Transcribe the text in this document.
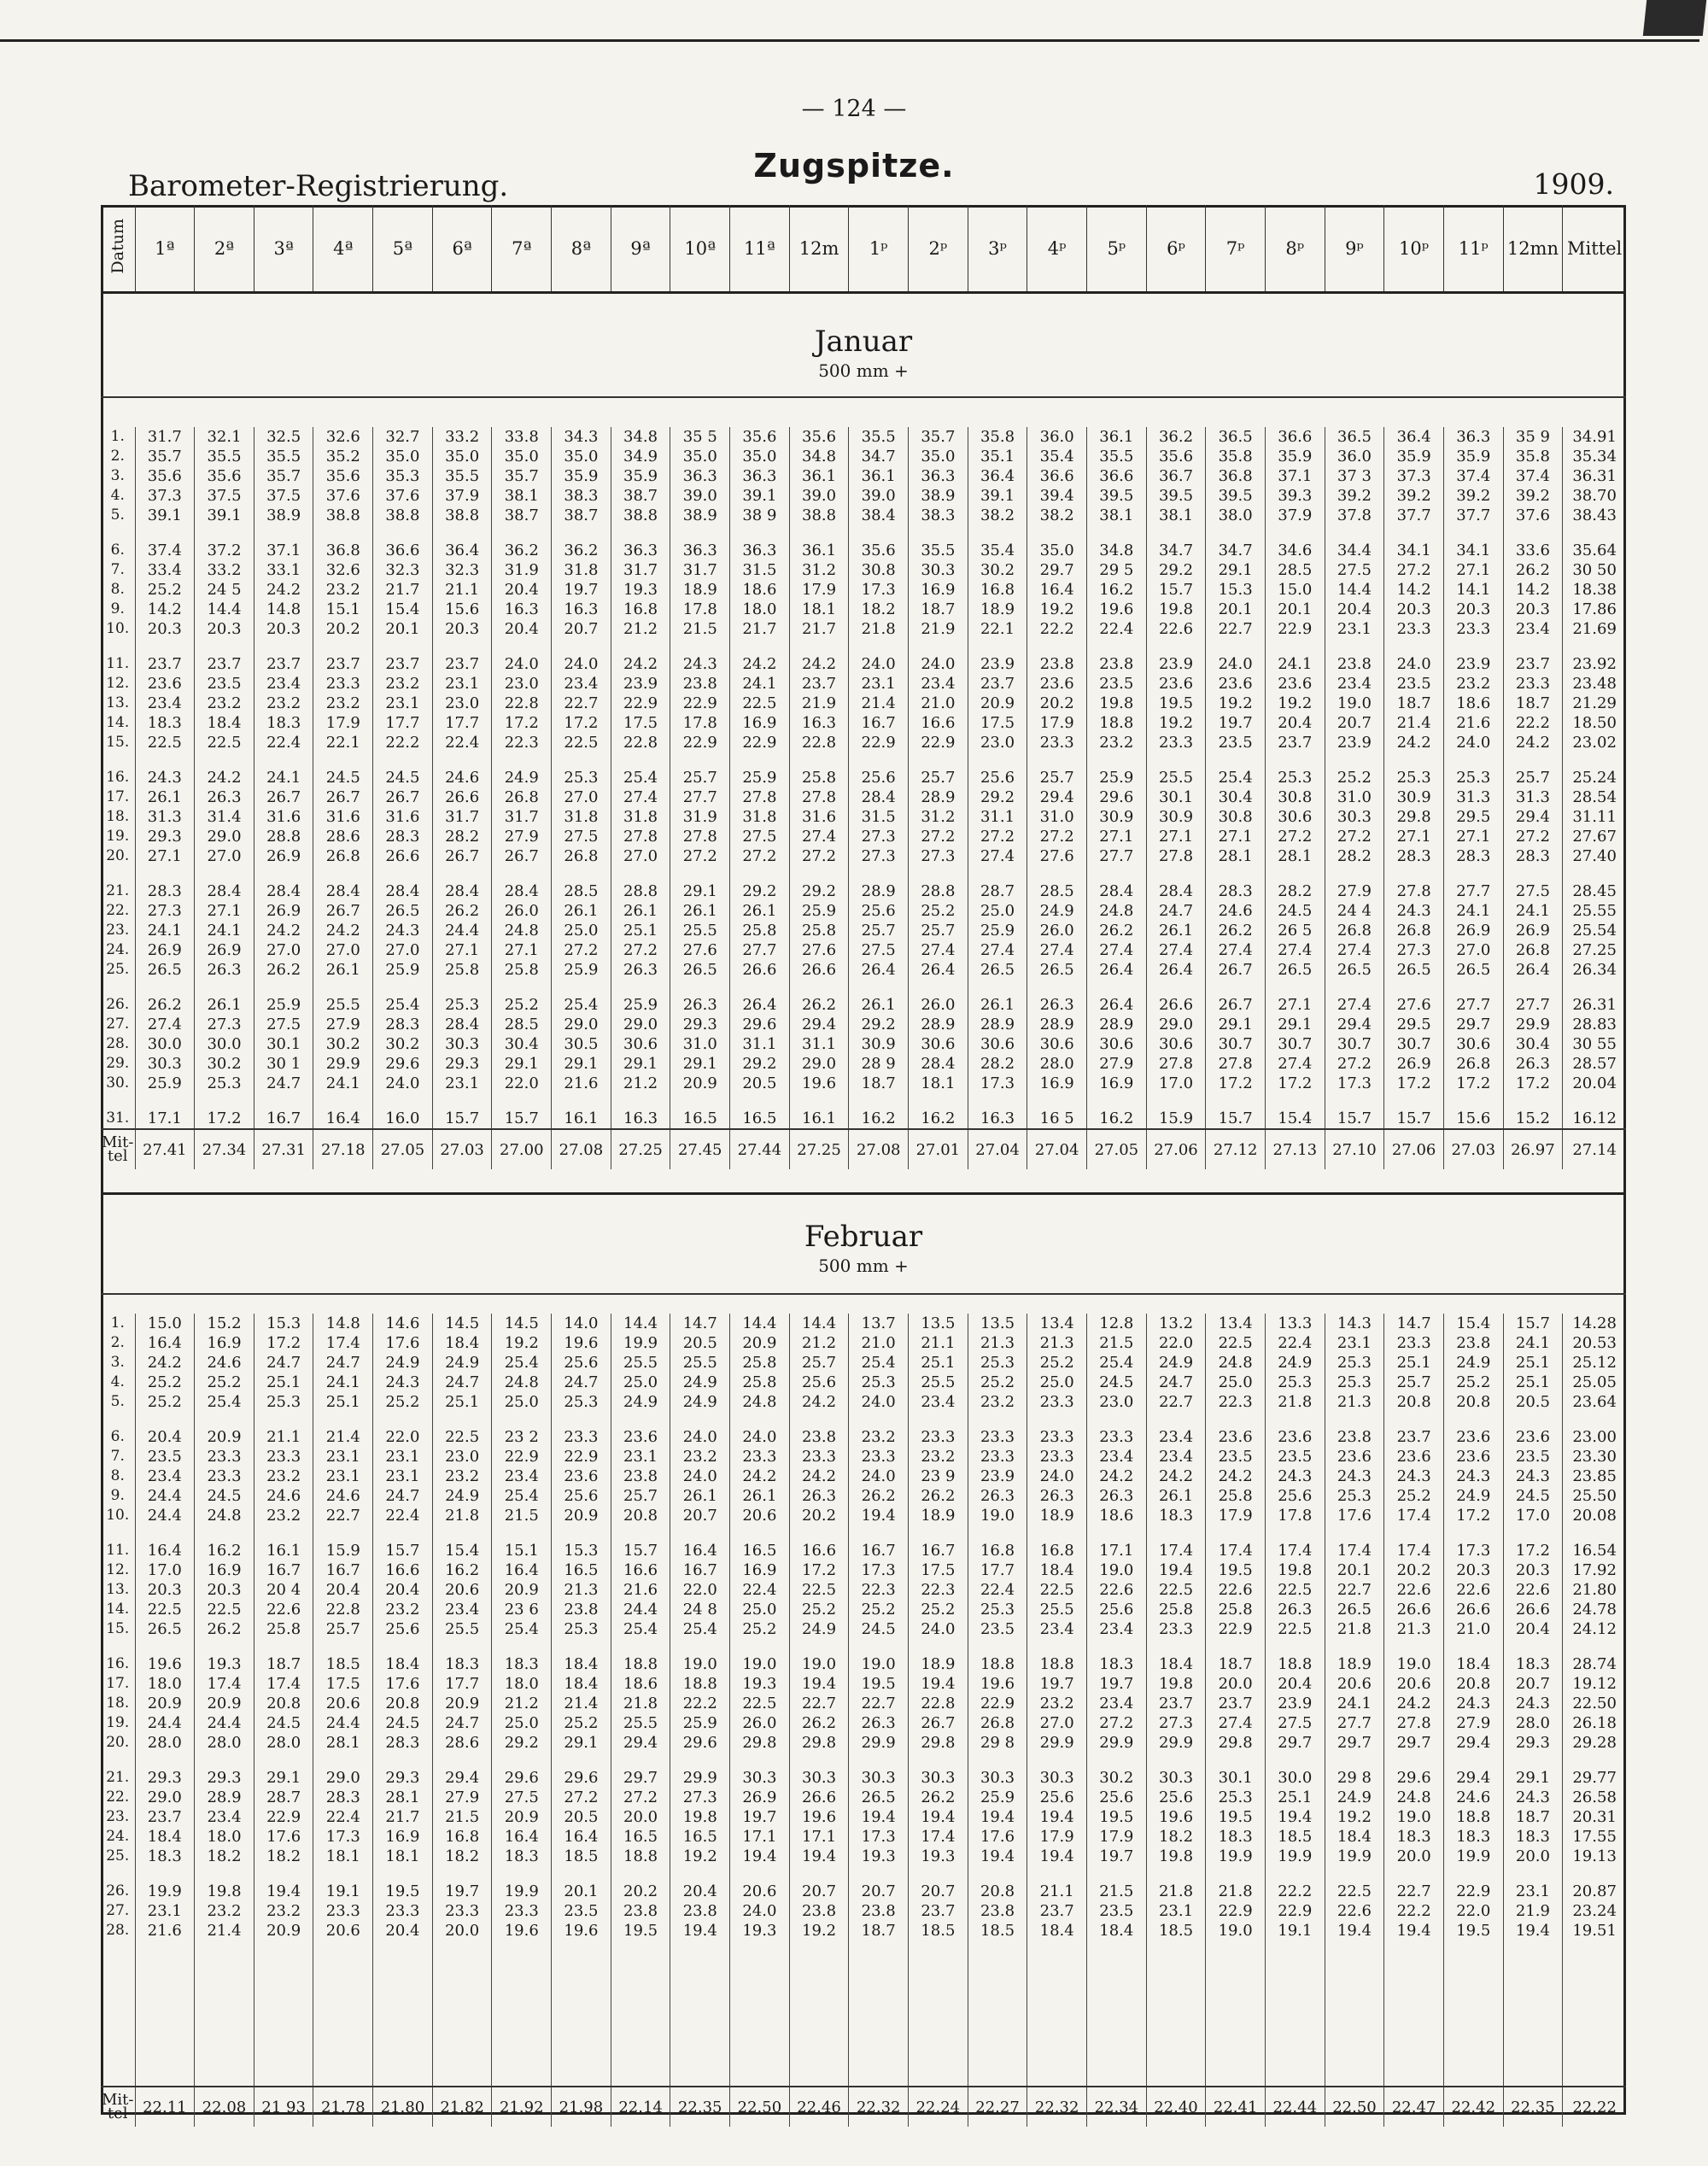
— 124 —
Barometer-Registrierung.
Zugspitze.	1909.
Datum	1ª	2ª	3ª	4ª	5ª	6ª	7ª	8ª	9ª	10ª	11ª	12m	1ᵖ	2ᵖ	3ᵖ	4ᵖ	5ᵖ	6ᵖ	7ᵖ	8ᵖ	9ᵖ	10ᵖ	11ᵖ	12mn	Mittel
Januar
500 mm +
1.	31.7	32.1	32.5	32.6	32.7	33.2	33.8	34.3	34.8	35 5	35.6	35.6	35.5	35.7	35.8	36.0	36.1	36.2	36.5	36.6	36.5	36.4	36.3	35 9	34.91
2.	35.7	35.5	35.5	35.2	35.0	35.0	35.0	35.0	34.9	35.0	35.0	34.8	34.7	35.0	35.1	35.4	35.5	35.6	35.8	35.9	36.0	35.9	35.9	35.8	35.34
3.	35.6	35.6	35.7	35.6	35.3	35.5	35.7	35.9	35.9	36.3	36.3	36.1	36.1	36.3	36.4	36.6	36.6	36.7	36.8	37.1	37 3	37.3	37.4	37.4	36.31
4.	37.3	37.5	37.5	37.6	37.6	37.9	38.1	38.3	38.7	39.0	39.1	39.0	39.0	38.9	39.1	39.4	39.5	39.5	39.5	39.3	39.2	39.2	39.2	39.2	38.70
5.	39.1	39.1	38.9	38.8	38.8	38.8	38.7	38.7	38.8	38.9	38 9	38.8	38.4	38.3	38.2	38.2	38.1	38.1	38.0	37.9	37.8	37.7	37.7	37.6	38.43

6.	37.4	37.2	37.1	36.8	36.6	36.4	36.2	36.2	36.3	36.3	36.3	36.1	35.6	35.5	35.4	35.0	34.8	34.7	34.7	34.6	34.4	34.1	34.1	33.6	35.64
7.	33.4	33.2	33.1	32.6	32.3	32.3	31.9	31.8	31.7	31.7	31.5	31.2	30.8	30.3	30.2	29.7	29 5	29.2	29.1	28.5	27.5	27.2	27.1	26.2	30 50
8.	25.2	24 5	24.2	23.2	21.7	21.1	20.4	19.7	19.3	18.9	18.6	17.9	17.3	16.9	16.8	16.4	16.2	15.7	15.3	15.0	14.4	14.2	14.1	14.2	18.38
9.	14.2	14.4	14.8	15.1	15.4	15.6	16.3	16.3	16.8	17.8	18.0	18.1	18.2	18.7	18.9	19.2	19.6	19.8	20.1	20.1	20.4	20.3	20.3	20.3	17.86
10.	20.3	20.3	20.3	20.2	20.1	20.3	20.4	20.7	21.2	21.5	21.7	21.7	21.8	21.9	22.1	22.2	22.4	22.6	22.7	22.9	23.1	23.3	23.3	23.4	21.69

11.	23.7	23.7	23.7	23.7	23.7	23.7	24.0	24.0	24.2	24.3	24.2	24.2	24.0	24.0	23.9	23.8	23.8	23.9	24.0	24.1	23.8	24.0	23.9	23.7	23.92
12.	23.6	23.5	23.4	23.3	23.2	23.1	23.0	23.4	23.9	23.8	24.1	23.7	23.1	23.4	23.7	23.6	23.5	23.6	23.6	23.6	23.4	23.5	23.2	23.3	23.48
13.	23.4	23.2	23.2	23.2	23.1	23.0	22.8	22.7	22.9	22.9	22.5	21.9	21.4	21.0	20.9	20.2	19.8	19.5	19.2	19.2	19.0	18.7	18.6	18.7	21.29
14.	18.3	18.4	18.3	17.9	17.7	17.7	17.2	17.2	17.5	17.8	16.9	16.3	16.7	16.6	17.5	17.9	18.8	19.2	19.7	20.4	20.7	21.4	21.6	22.2	18.50
15.	22.5	22.5	22.4	22.1	22.2	22.4	22.3	22.5	22.8	22.9	22.9	22.8	22.9	22.9	23.0	23.3	23.2	23.3	23.5	23.7	23.9	24.2	24.0	24.2	23.02

16.	24.3	24.2	24.1	24.5	24.5	24.6	24.9	25.3	25.4	25.7	25.9	25.8	25.6	25.7	25.6	25.7	25.9	25.5	25.4	25.3	25.2	25.3	25.3	25.7	25.24
17.	26.1	26.3	26.7	26.7	26.7	26.6	26.8	27.0	27.4	27.7	27.8	27.8	28.4	28.9	29.2	29.4	29.6	30.1	30.4	30.8	31.0	30.9	31.3	31.3	28.54
18.	31.3	31.4	31.6	31.6	31.6	31.7	31.7	31.8	31.8	31.9	31.8	31.6	31.5	31.2	31.1	31.0	30.9	30.9	30.8	30.6	30.3	29.8	29.5	29.4	31.11
19.	29.3	29.0	28.8	28.6	28.3	28.2	27.9	27.5	27.8	27.8	27.5	27.4	27.3	27.2	27.2	27.2	27.1	27.1	27.1	27.2	27.2	27.1	27.1	27.2	27.67
20.	27.1	27.0	26.9	26.8	26.6	26.7	26.7	26.8	27.0	27.2	27.2	27.2	27.3	27.3	27.4	27.6	27.7	27.8	28.1	28.1	28.2	28.3	28.3	28.3	27.40

21.	28.3	28.4	28.4	28.4	28.4	28.4	28.4	28.5	28.8	29.1	29.2	29.2	28.9	28.8	28.7	28.5	28.4	28.4	28.3	28.2	27.9	27.8	27.7	27.5	28.45
22.	27.3	27.1	26.9	26.7	26.5	26.2	26.0	26.1	26.1	26.1	26.1	25.9	25.6	25.2	25.0	24.9	24.8	24.7	24.6	24.5	24 4	24.3	24.1	24.1	25.55
23.	24.1	24.1	24.2	24.2	24.3	24.4	24.8	25.0	25.1	25.5	25.8	25.8	25.7	25.7	25.9	26.0	26.2	26.1	26.2	26 5	26.8	26.8	26.9	26.9	25.54
24.	26.9	26.9	27.0	27.0	27.0	27.1	27.1	27.2	27.2	27.6	27.7	27.6	27.5	27.4	27.4	27.4	27.4	27.4	27.4	27.4	27.4	27.3	27.0	26.8	27.25
25.	26.5	26.3	26.2	26.1	25.9	25.8	25.8	25.9	26.3	26.5	26.6	26.6	26.4	26.4	26.5	26.5	26.4	26.4	26.7	26.5	26.5	26.5	26.5	26.4	26.34

26.	26.2	26.1	25.9	25.5	25.4	25.3	25.2	25.4	25.9	26.3	26.4	26.2	26.1	26.0	26.1	26.3	26.4	26.6	26.7	27.1	27.4	27.6	27.7	27.7	26.31
27.	27.4	27.3	27.5	27.9	28.3	28.4	28.5	29.0	29.0	29.3	29.6	29.4	29.2	28.9	28.9	28.9	28.9	29.0	29.1	29.1	29.4	29.5	29.7	29.9	28.83
28.	30.0	30.0	30.1	30.2	30.2	30.3	30.4	30.5	30.6	31.0	31.1	31.1	30.9	30.6	30.6	30.6	30.6	30.6	30.7	30.7	30.7	30.7	30.6	30.4	30 55
29.	30.3	30.2	30 1	29.9	29.6	29.3	29.1	29.1	29.1	29.1	29.2	29.0	28 9	28.4	28.2	28.0	27.9	27.8	27.8	27.4	27.2	26.9	26.8	26.3	28.57
30.	25.9	25.3	24.7	24.1	24.0	23.1	22.0	21.6	21.2	20.9	20.5	19.6	18.7	18.1	17.3	16.9	16.9	17.0	17.2	17.2	17.3	17.2	17.2	17.2	20.04

31.	17.1	17.2	16.7	16.4	16.0	15.7	15.7	16.1	16.3	16.5	16.5	16.1	16.2	16.2	16.3	16 5	16.2	15.9	15.7	15.4	15.7	15.7	15.6	15.2	16.12
Mit-tel	27.41	27.34	27.31	27.18	27.05	27.03	27.00	27.08	27.25	27.45	27.44	27.25	27.08	27.01	27.04	27.04	27.05	27.06	27.12	27.13	27.10	27.06	27.03	26.97	27.14
Februar
500 mm +
1.	15.0	15.2	15.3	14.8	14.6	14.5	14.5	14.0	14.4	14.7	14.4	14.4	13.7	13.5	13.5	13.4	12.8	13.2	13.4	13.3	14.3	14.7	15.4	15.7	14.28
2.	16.4	16.9	17.2	17.4	17.6	18.4	19.2	19.6	19.9	20.5	20.9	21.2	21.0	21.1	21.3	21.3	21.5	22.0	22.5	22.4	23.1	23.3	23.8	24.1	20.53
3.	24.2	24.6	24.7	24.7	24.9	24.9	25.4	25.6	25.5	25.5	25.8	25.7	25.4	25.1	25.3	25.2	25.4	24.9	24.8	24.9	25.3	25.1	24.9	25.1	25.12
4.	25.2	25.2	25.1	24.1	24.3	24.7	24.8	24.7	25.0	24.9	25.8	25.6	25.3	25.5	25.2	25.0	24.5	24.7	25.0	25.3	25.3	25.7	25.2	25.1	25.05
5.	25.2	25.4	25.3	25.1	25.2	25.1	25.0	25.3	24.9	24.9	24.8	24.2	24.0	23.4	23.2	23.3	23.0	22.7	22.3	21.8	21.3	20.8	20.8	20.5	23.64

6.	20.4	20.9	21.1	21.4	22.0	22.5	23 2	23.3	23.6	24.0	24.0	23.8	23.2	23.3	23.3	23.3	23.3	23.4	23.6	23.6	23.8	23.7	23.6	23.6	23.00
7.	23.5	23.3	23.3	23.1	23.1	23.0	22.9	22.9	23.1	23.2	23.3	23.3	23.3	23.2	23.3	23.3	23.4	23.4	23.5	23.5	23.6	23.6	23.6	23.5	23.30
8.	23.4	23.3	23.2	23.1	23.1	23.2	23.4	23.6	23.8	24.0	24.2	24.2	24.0	23 9	23.9	24.0	24.2	24.2	24.2	24.3	24.3	24.3	24.3	24.3	23.85
9.	24.4	24.5	24.6	24.6	24.7	24.9	25.4	25.6	25.7	26.1	26.1	26.3	26.2	26.2	26.3	26.3	26.3	26.1	25.8	25.6	25.3	25.2	24.9	24.5	25.50
10.	24.4	24.8	23.2	22.7	22.4	21.8	21.5	20.9	20.8	20.7	20.6	20.2	19.4	18.9	19.0	18.9	18.6	18.3	17.9	17.8	17.6	17.4	17.2	17.0	20.08

11.	16.4	16.2	16.1	15.9	15.7	15.4	15.1	15.3	15.7	16.4	16.5	16.6	16.7	16.7	16.8	16.8	17.1	17.4	17.4	17.4	17.4	17.4	17.3	17.2	16.54
12.	17.0	16.9	16.7	16.7	16.6	16.2	16.4	16.5	16.6	16.7	16.9	17.2	17.3	17.5	17.7	18.4	19.0	19.4	19.5	19.8	20.1	20.2	20.3	20.3	17.92
13.	20.3	20.3	20 4	20.4	20.4	20.6	20.9	21.3	21.6	22.0	22.4	22.5	22.3	22.3	22.4	22.5	22.6	22.5	22.6	22.5	22.7	22.6	22.6	22.6	21.80
14.	22.5	22.5	22.6	22.8	23.2	23.4	23 6	23.8	24.4	24 8	25.0	25.2	25.2	25.2	25.3	25.5	25.6	25.8	25.8	26.3	26.5	26.6	26.6	26.6	24.78
15.	26.5	26.2	25.8	25.7	25.6	25.5	25.4	25.3	25.4	25.4	25.2	24.9	24.5	24.0	23.5	23.4	23.4	23.3	22.9	22.5	21.8	21.3	21.0	20.4	24.12

16.	19.6	19.3	18.7	18.5	18.4	18.3	18.3	18.4	18.8	19.0	19.0	19.0	19.0	18.9	18.8	18.8	18.3	18.4	18.7	18.8	18.9	19.0	18.4	18.3	28.74
17.	18.0	17.4	17.4	17.5	17.6	17.7	18.0	18.4	18.6	18.8	19.3	19.4	19.5	19.4	19.6	19.7	19.7	19.8	20.0	20.4	20.6	20.6	20.8	20.7	19.12
18.	20.9	20.9	20.8	20.6	20.8	20.9	21.2	21.4	21.8	22.2	22.5	22.7	22.7	22.8	22.9	23.2	23.4	23.7	23.7	23.9	24.1	24.2	24.3	24.3	22.50
19.	24.4	24.4	24.5	24.4	24.5	24.7	25.0	25.2	25.5	25.9	26.0	26.2	26.3	26.7	26.8	27.0	27.2	27.3	27.4	27.5	27.7	27.8	27.9	28.0	26.18
20.	28.0	28.0	28.0	28.1	28.3	28.6	29.2	29.1	29.4	29.6	29.8	29.8	29.9	29.8	29 8	29.9	29.9	29.9	29.8	29.7	29.7	29.7	29.4	29.3	29.28

21.	29.3	29.3	29.1	29.0	29.3	29.4	29.6	29.6	29.7	29.9	30.3	30.3	30.3	30.3	30.3	30.3	30.2	30.3	30.1	30.0	29 8	29.6	29.4	29.1	29.77
22.	29.0	28.9	28.7	28.3	28.1	27.9	27.5	27.2	27.2	27.3	26.9	26.6	26.5	26.2	25.9	25.6	25.6	25.6	25.3	25.1	24.9	24.8	24.6	24.3	26.58
23.	23.7	23.4	22.9	22.4	21.7	21.5	20.9	20.5	20.0	19.8	19.7	19.6	19.4	19.4	19.4	19.4	19.5	19.6	19.5	19.4	19.2	19.0	18.8	18.7	20.31
24.	18.4	18.0	17.6	17.3	16.9	16.8	16.4	16.4	16.5	16.5	17.1	17.1	17.3	17.4	17.6	17.9	17.9	18.2	18.3	18.5	18.4	18.3	18.3	18.3	17.55
25.	18.3	18.2	18.2	18.1	18.1	18.2	18.3	18.5	18.8	19.2	19.4	19.4	19.3	19.3	19.4	19.4	19.7	19.8	19.9	19.9	19.9	20.0	19.9	20.0	19.13

26.	19.9	19.8	19.4	19.1	19.5	19.7	19.9	20.1	20.2	20.4	20.6	20.7	20.7	20.7	20.8	21.1	21.5	21.8	21.8	22.2	22.5	22.7	22.9	23.1	20.87
27.	23.1	23.2	23.2	23.3	23.3	23.3	23.3	23.5	23.8	23.8	24.0	23.8	23.8	23.7	23.8	23.7	23.5	23.1	22.9	22.9	22.6	22.2	22.0	21.9	23.24
28.	21.6	21.4	20.9	20.6	20.4	20.0	19.6	19.6	19.5	19.4	19.3	19.2	18.7	18.5	18.5	18.4	18.4	18.5	19.0	19.1	19.4	19.4	19.5	19.4	19.51

Mit-tel	22.11	22.08	21 93	21.78	21.80	21.82	21.92	21.98	22.14	22.35	22.50	22.46	22.32	22.24	22.27	22.32	22.34	22.40	22.41	22.44	22.50	22.47	22.42	22.35	22.22
